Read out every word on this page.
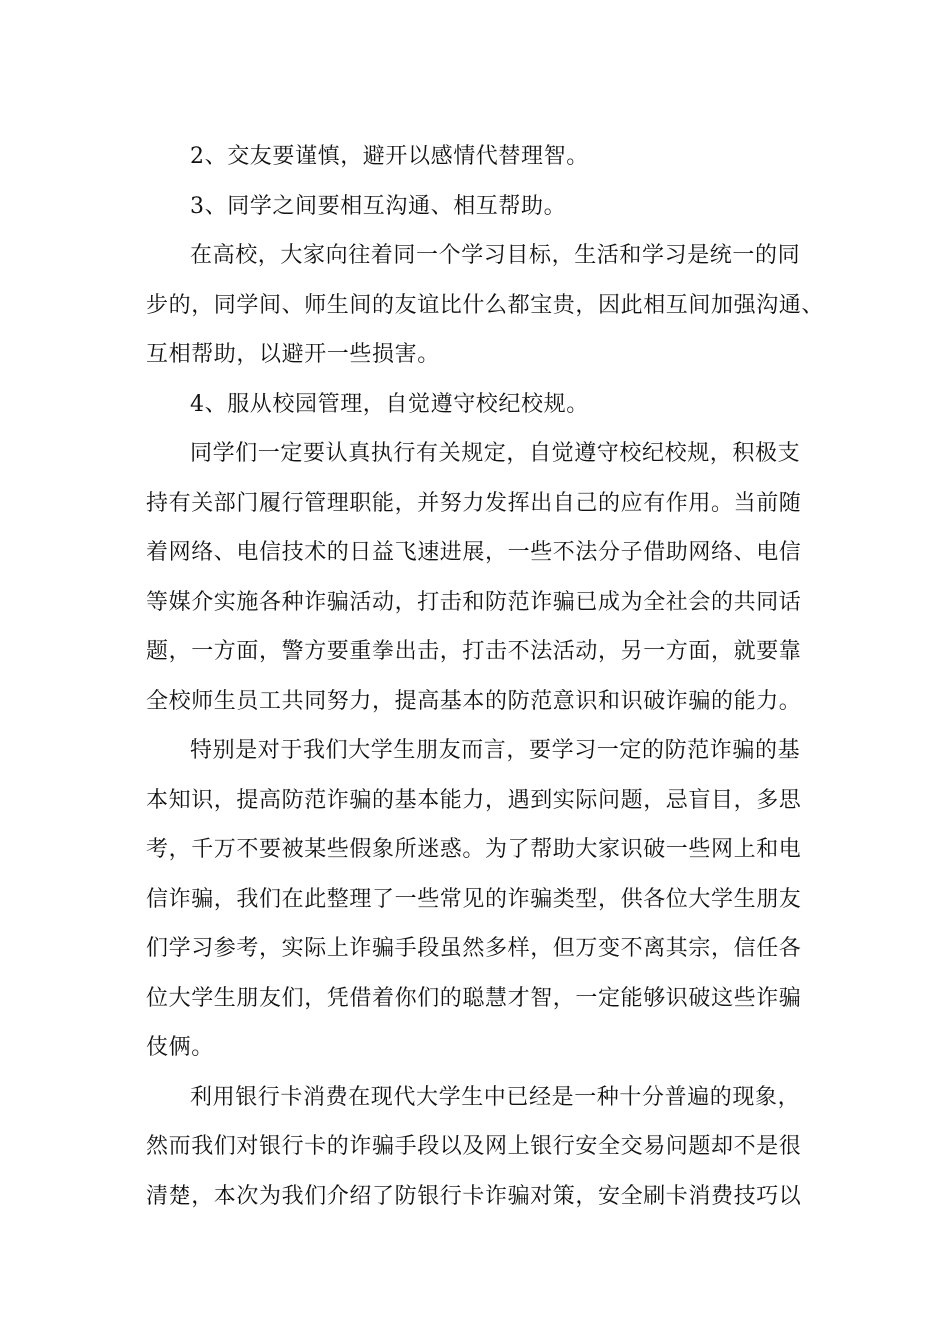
2、交友要谨慎，避开以感情代替理智。
3、同学之间要相互沟通、相互帮助。
在高校，大家向往着同一个学习目标，生活和学习是统一的同
步的，同学间、师生间的友谊比什么都宝贵，因此相互间加强沟通、
互相帮助，以避开一些损害。
4、服从校园管理，自觉遵守校纪校规。
同学们一定要认真执行有关规定，自觉遵守校纪校规，积极支
持有关部门履行管理职能，并努力发挥出自己的应有作用。当前随
着网络、电信技术的日益飞速进展，一些不法分子借助网络、电信
等媒介实施各种诈骗活动，打击和防范诈骗已成为全社会的共同话
题，一方面，警方要重拳出击，打击不法活动，另一方面，就要靠
全校师生员工共同努力，提高基本的防范意识和识破诈骗的能力。
特别是对于我们大学生朋友而言，要学习一定的防范诈骗的基
本知识，提高防范诈骗的基本能力，遇到实际问题，忌盲目，多思
考，千万不要被某些假象所迷惑。为了帮助大家识破一些网上和电
信诈骗，我们在此整理了一些常见的诈骗类型，供各位大学生朋友
们学习参考，实际上诈骗手段虽然多样，但万变不离其宗，信任各
位大学生朋友们，凭借着你们的聪慧才智，一定能够识破这些诈骗
伎俩。
利用银行卡消费在现代大学生中已经是一种十分普遍的现象，
然而我们对银行卡的诈骗手段以及网上银行安全交易问题却不是很
清楚，本次为我们介绍了防银行卡诈骗对策，安全刷卡消费技巧以
